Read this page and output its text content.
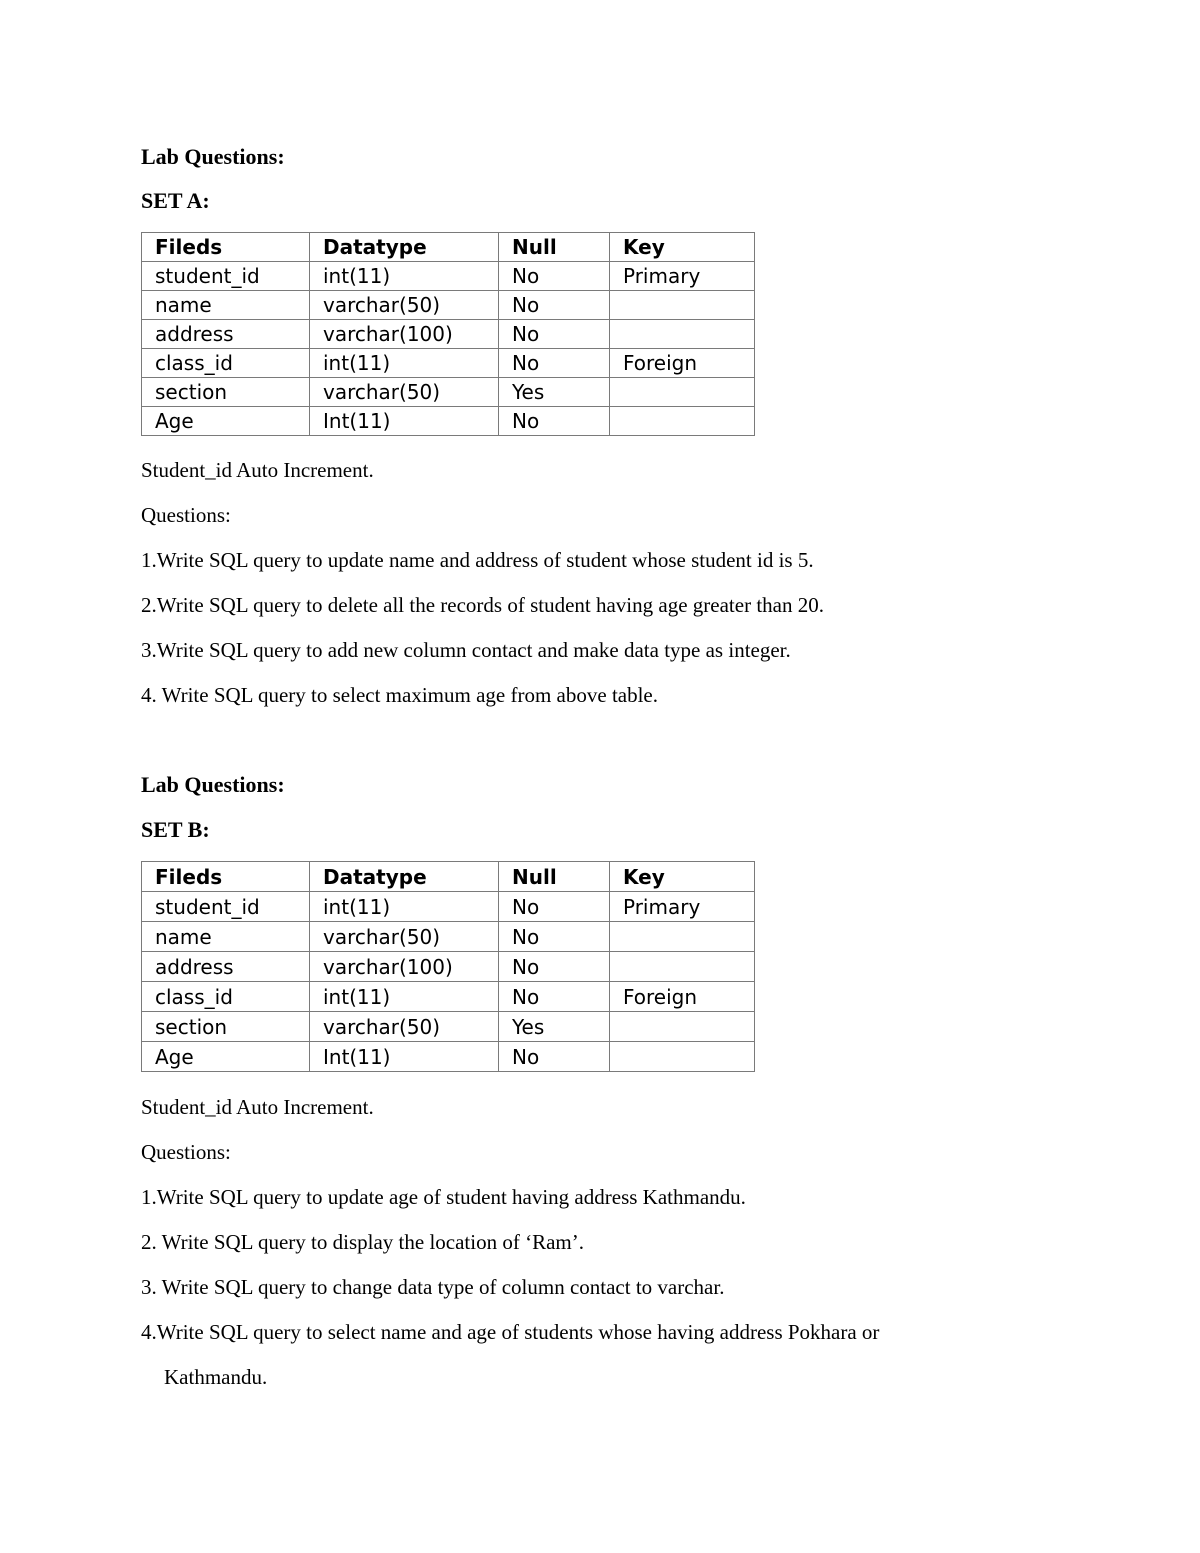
Lab Questions:
SET A:
Fileds	Datatype	Null	Key
student_id	int(11)	No	Primary
name	varchar(50)	No	
address	varchar(100)	No	
class_id	int(11)	No	Foreign
section	varchar(50)	Yes	
Age	Int(11)	No	
Student_id Auto Increment.
Questions:
1.Write SQL query to update name and address of student whose student id is 5.
2.Write SQL query to delete all the records of student having age greater than 20.
3.Write SQL query to add new column contact and make data type as integer.
4. Write SQL query to select maximum age from above table.
Lab Questions:
SET B:
Fileds	Datatype	Null	Key
student_id	int(11)	No	Primary
name	varchar(50)	No	
address	varchar(100)	No	
class_id	int(11)	No	Foreign
section	varchar(50)	Yes	
Age	Int(11)	No	
Student_id Auto Increment.
Questions:
1.Write SQL query to update age of student having address Kathmandu.
2. Write SQL query to display the location of ‘Ram’.
3. Write SQL query to change data type of column contact to varchar.
4.Write SQL query to select name and age of students whose having address Pokhara or
Kathmandu.
